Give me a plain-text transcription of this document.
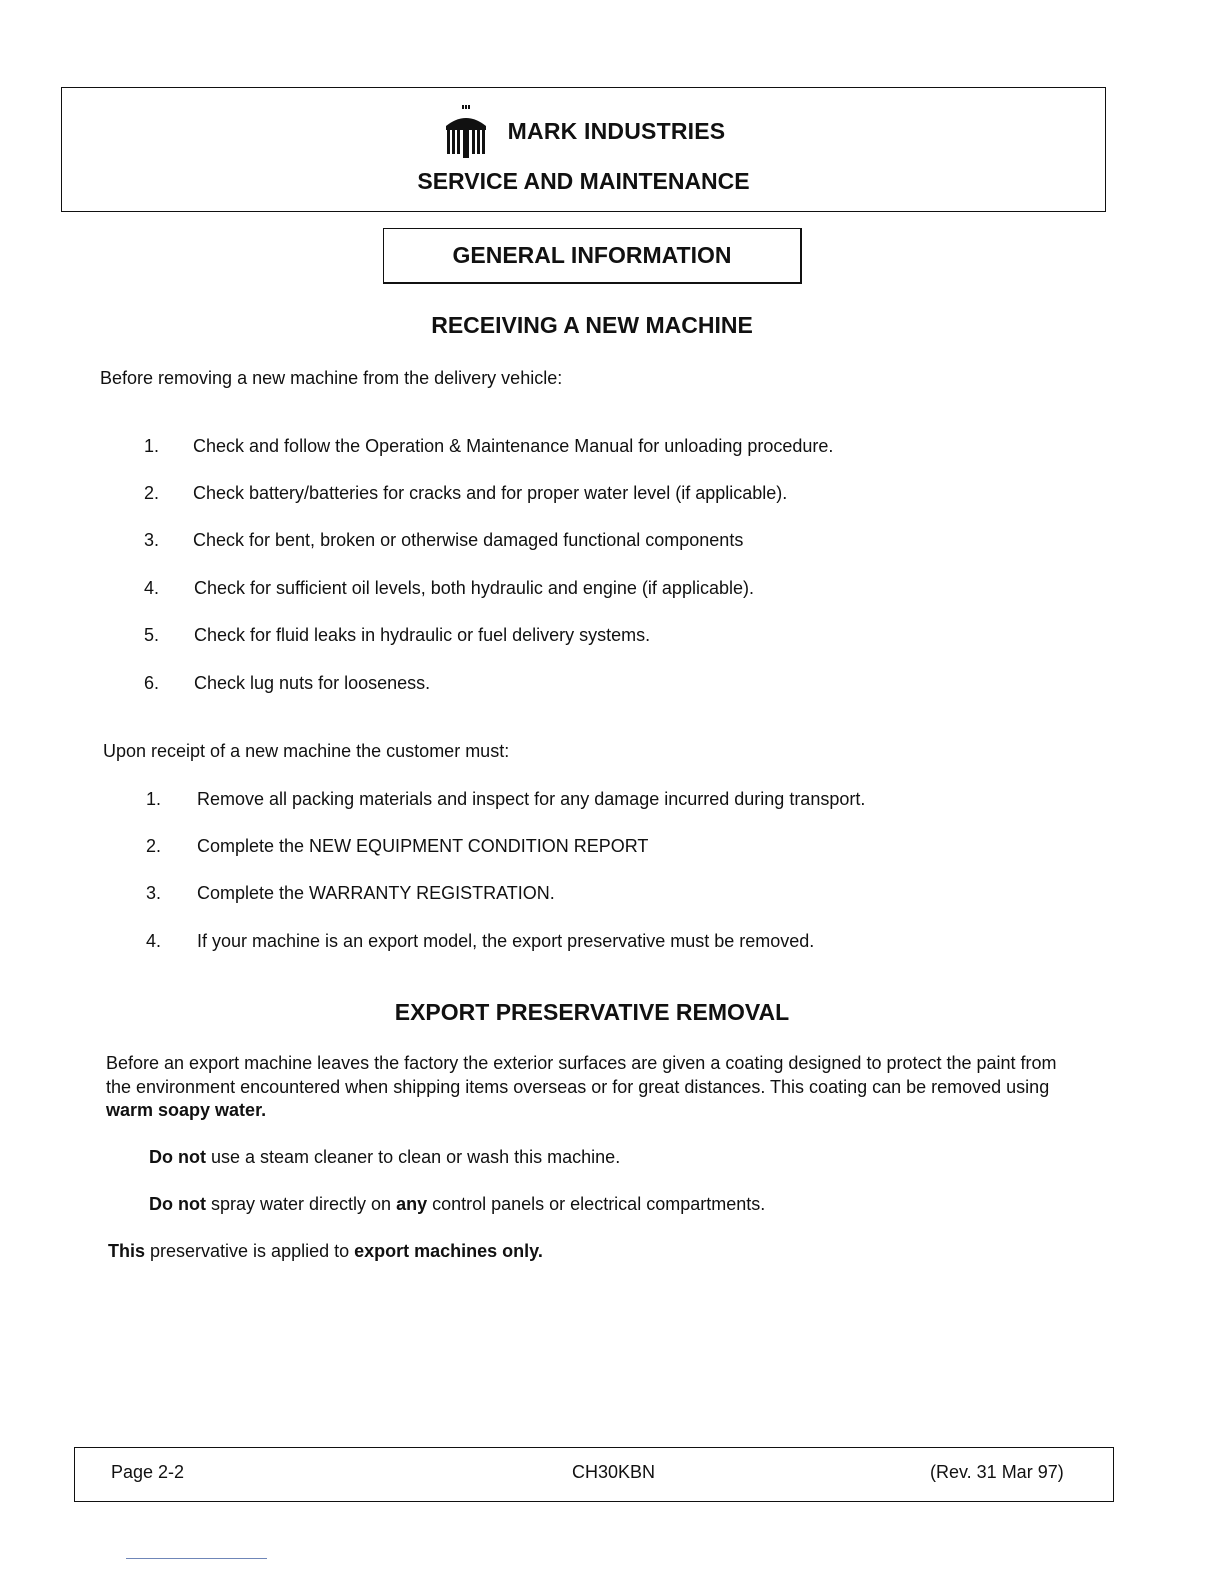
MARK INDUSTRIES
SERVICE AND MAINTENANCE
GENERAL INFORMATION
RECEIVING A NEW MACHINE
Before removing a new machine from the delivery vehicle:
1. Check and follow the Operation & Maintenance Manual for unloading procedure.
2. Check battery/batteries for cracks and for proper water level (if applicable).
3. Check for bent, broken or otherwise damaged functional components
4. Check for sufficient oil levels, both hydraulic and engine (if applicable).
5. Check for fluid leaks in hydraulic or fuel delivery systems.
6. Check lug nuts for looseness.
Upon receipt of a new machine the customer must:
1. Remove all packing materials and inspect for any damage incurred during transport.
2. Complete the NEW EQUIPMENT CONDITION REPORT
3. Complete the WARRANTY REGISTRATION.
4. If your machine is an export model, the export preservative must be removed.
EXPORT PRESERVATIVE REMOVAL
Before an export machine leaves the factory the exterior surfaces are given a coating designed to protect the paint from the environment encountered when shipping items overseas or for great distances. This coating can be removed using warm soapy water.
Do not use a steam cleaner to clean or wash this machine.
Do not spray water directly on any control panels or electrical compartments.
This preservative is applied to export machines only.
Page 2-2	CH30KBN	(Rev. 31 Mar 97)
